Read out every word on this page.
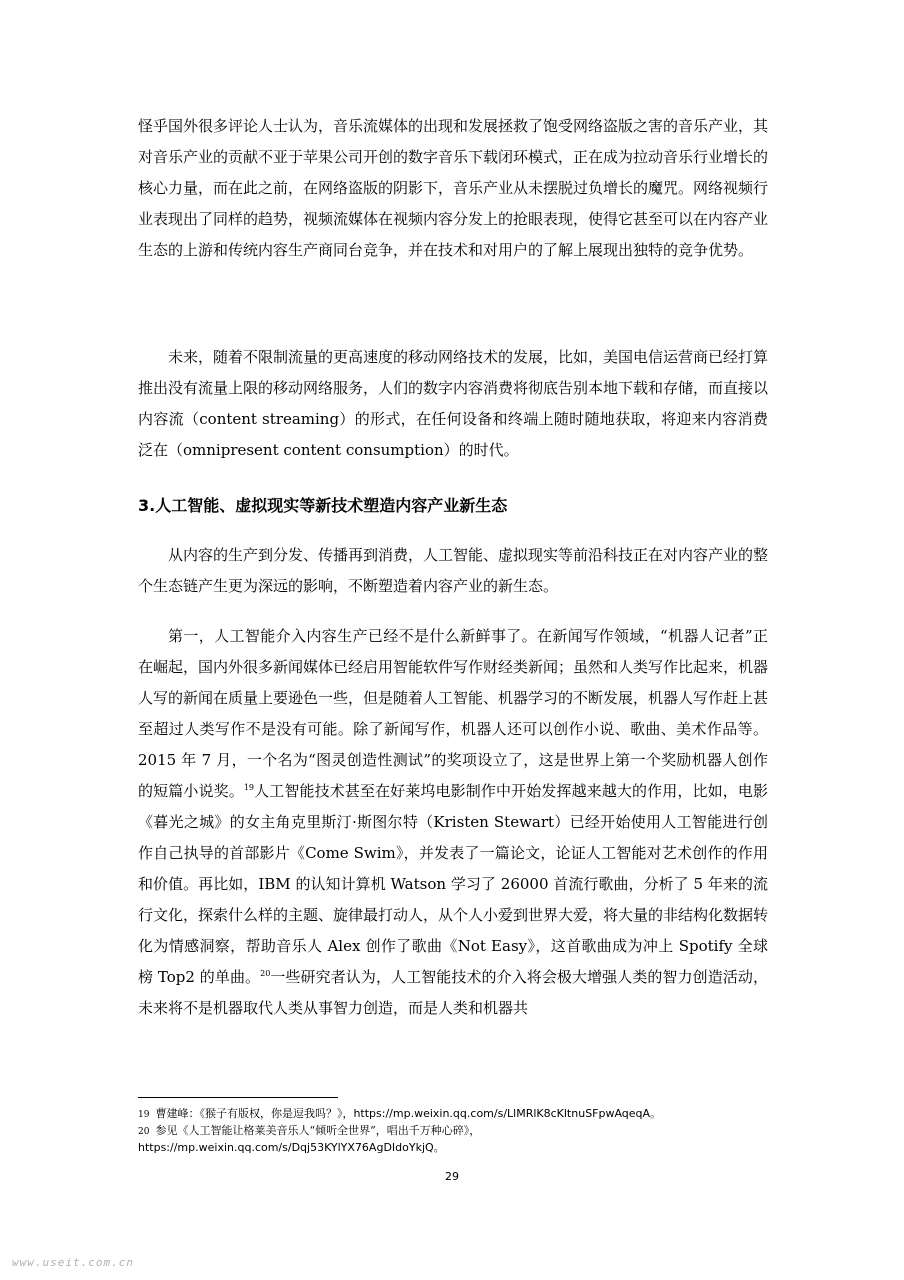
怪乎国外很多评论人士认为，音乐流媒体的出现和发展拯救了饱受网络盗版之害的音乐产业，其对音乐产业的贡献不亚于苹果公司开创的数字音乐下载闭环模式，正在成为拉动音乐行业增长的核心力量，而在此之前，在网络盗版的阴影下，音乐产业从未摆脱过负增长的魔咒。网络视频行业表现出了同样的趋势，视频流媒体在视频内容分发上的抢眼表现，使得它甚至可以在内容产业生态的上游和传统内容生产商同台竞争，并在技术和对用户的了解上展现出独特的竞争优势。

未来，随着不限制流量的更高速度的移动网络技术的发展，比如，美国电信运营商已经打算推出没有流量上限的移动网络服务，人们的数字内容消费将彻底告别本地下载和存储，而直接以内容流（content streaming）的形式，在任何设备和终端上随时随地获取，将迎来内容消费泛在（omnipresent content consumption）的时代。

3.人工智能、虚拟现实等新技术塑造内容产业新生态

从内容的生产到分发、传播再到消费，人工智能、虚拟现实等前沿科技正在对内容产业的整个生态链产生更为深远的影响，不断塑造着内容产业的新生态。

第一，人工智能介入内容生产已经不是什么新鲜事了。在新闻写作领域，“机器人记者”正在崛起，国内外很多新闻媒体已经启用智能软件写作财经类新闻；虽然和人类写作比起来，机器人写的新闻在质量上要逊色一些，但是随着人工智能、机器学习的不断发展，机器人写作赶上甚至超过人类写作不是没有可能。除了新闻写作，机器人还可以创作小说、歌曲、美术作品等。2015 年 7 月，一个名为“图灵创造性测试”的奖项设立了，这是世界上第一个奖励机器人创作的短篇小说奖。$^{19}$人工智能技术甚至在好莱坞电影制作中开始发挥越来越大的作用，比如，电影《暮光之城》的女主角克里斯汀·斯图尔特（Kristen Stewart）已经开始使用人工智能进行创作自己执导的首部影片《Come Swim》，并发表了一篇论文，论证人工智能对艺术创作的作用和价值。再比如，IBM 的认知计算机 Watson 学习了 26000 首流行歌曲，分析了 5 年来的流行文化，探索什么样的主题、旋律最打动人，从个人小爱到世界大爱，将大量的非结构化数据转化为情感洞察，帮助音乐人 Alex 创作了歌曲《Not Easy》，这首歌曲成为冲上 Spotify 全球榜 Top2 的单曲。$^{20}$一些研究者认为，人工智能技术的介入将会极大增强人类的智力创造活动，未来将不是机器取代人类从事智力创造，而是人类和机器共

19 曹建峰：《猴子有版权，你是逗我吗？》，https://mp.weixin.qq.com/s/LlMRlK8cKltnuSFpwAqeqA。

20 参见《人工智能让格莱美音乐人“倾听全世界”，唱出千万种心碎》，

https://mp.weixin.qq.com/s/Dqj53KYlYX76AgDIdoYkjQ。

29
www.useit.com.cn
